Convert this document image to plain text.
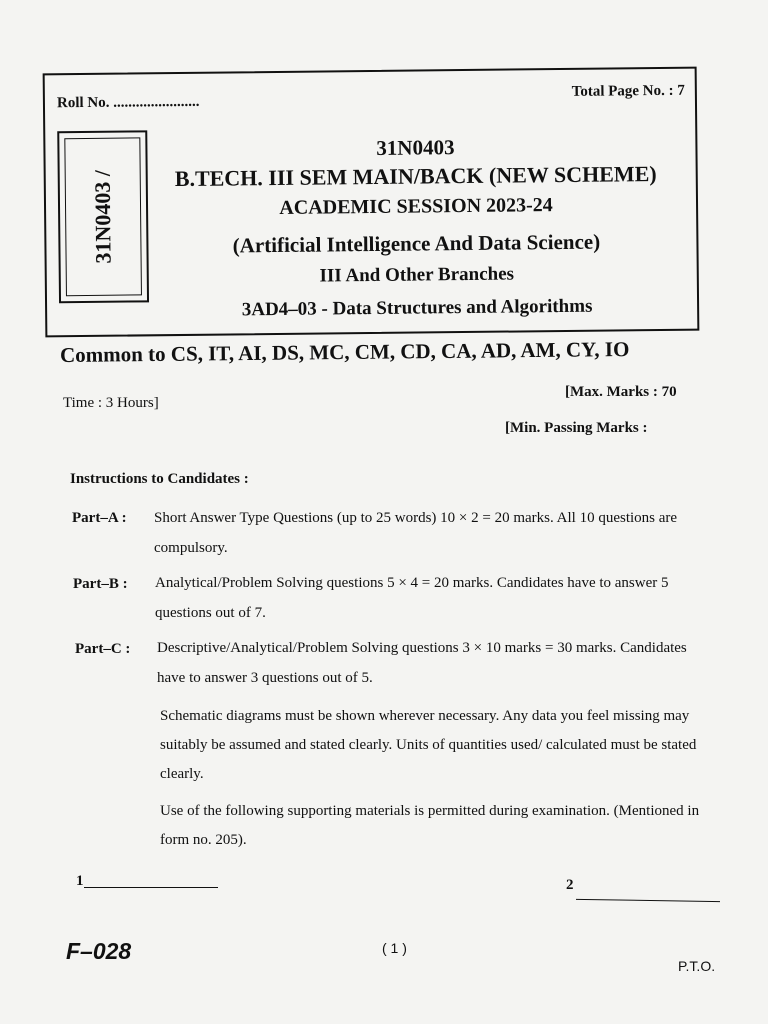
Roll No. .......................
Total Page No. : 7
31N0403 /
31N0403
B.TECH. III SEM MAIN/BACK (NEW SCHEME)
ACADEMIC SESSION 2023-24
(Artificial Intelligence And Data Science)
III And Other Branches
3AD4–03 - Data Structures and Algorithms
Common to CS, IT, AI, DS, MC, CM, CD, CA, AD, AM, CY, IO
Time : 3 Hours]
[Max. Marks : 70
[Min. Passing Marks :
Instructions to Candidates :
Part–A : Short Answer Type Questions (up to 25 words) 10 × 2 = 20 marks. All 10 questions are compulsory.
Part–B : Analytical/Problem Solving questions 5 × 4 = 20 marks. Candidates have to answer 5 questions out of 7.
Part–C : Descriptive/Analytical/Problem Solving questions 3 × 10 marks = 30 marks. Candidates have to answer 3 questions out of 5.
Schematic diagrams must be shown wherever necessary. Any data you feel missing may suitably be assumed and stated clearly. Units of quantities used/ calculated must be stated clearly.
Use of the following supporting materials is permitted during examination. (Mentioned in form no. 205).
1	2
F–028	( 1 )
P.T.O.
